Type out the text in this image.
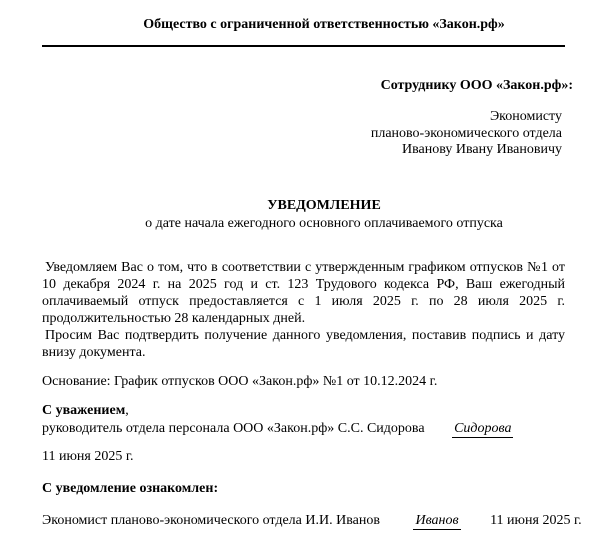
Общество с ограниченной ответственностью «Закон.рф»
Сотруднику ООО «Закон.рф»:
Экономисту
планово-экономического отдела
Иванову Ивану Ивановичу
УВЕДОМЛЕНИЕ
о дате начала ежегодного основного оплачиваемого отпуска

Уведомляем Вас о том, что в соответствии с утвержденным графиком отпусков №1 от 10 декабря 2024 г. на 2025 год и ст. 123 Трудового кодекса РФ, Ваш ежегодный оплачиваемый отпуск предоставляется с 1 июля 2025 г. по 28 июля 2025 г. продолжительностью 28 календарных дней.

Просим Вас подтвердить получение данного уведомления, поставив подпись и дату внизу документа.

Основание: График отпусков ООО «Закон.рф» №1 от 10.12.2024 г.
С уважением,
руководитель отдела персонала ООО «Закон.рф» С.С. Сидорова Сидорова
11 июня 2025 г.
С уведомление ознакомлен:
Экономист планово-экономического отдела И.И. Иванов	Иванов 11 июня 2025 г.
